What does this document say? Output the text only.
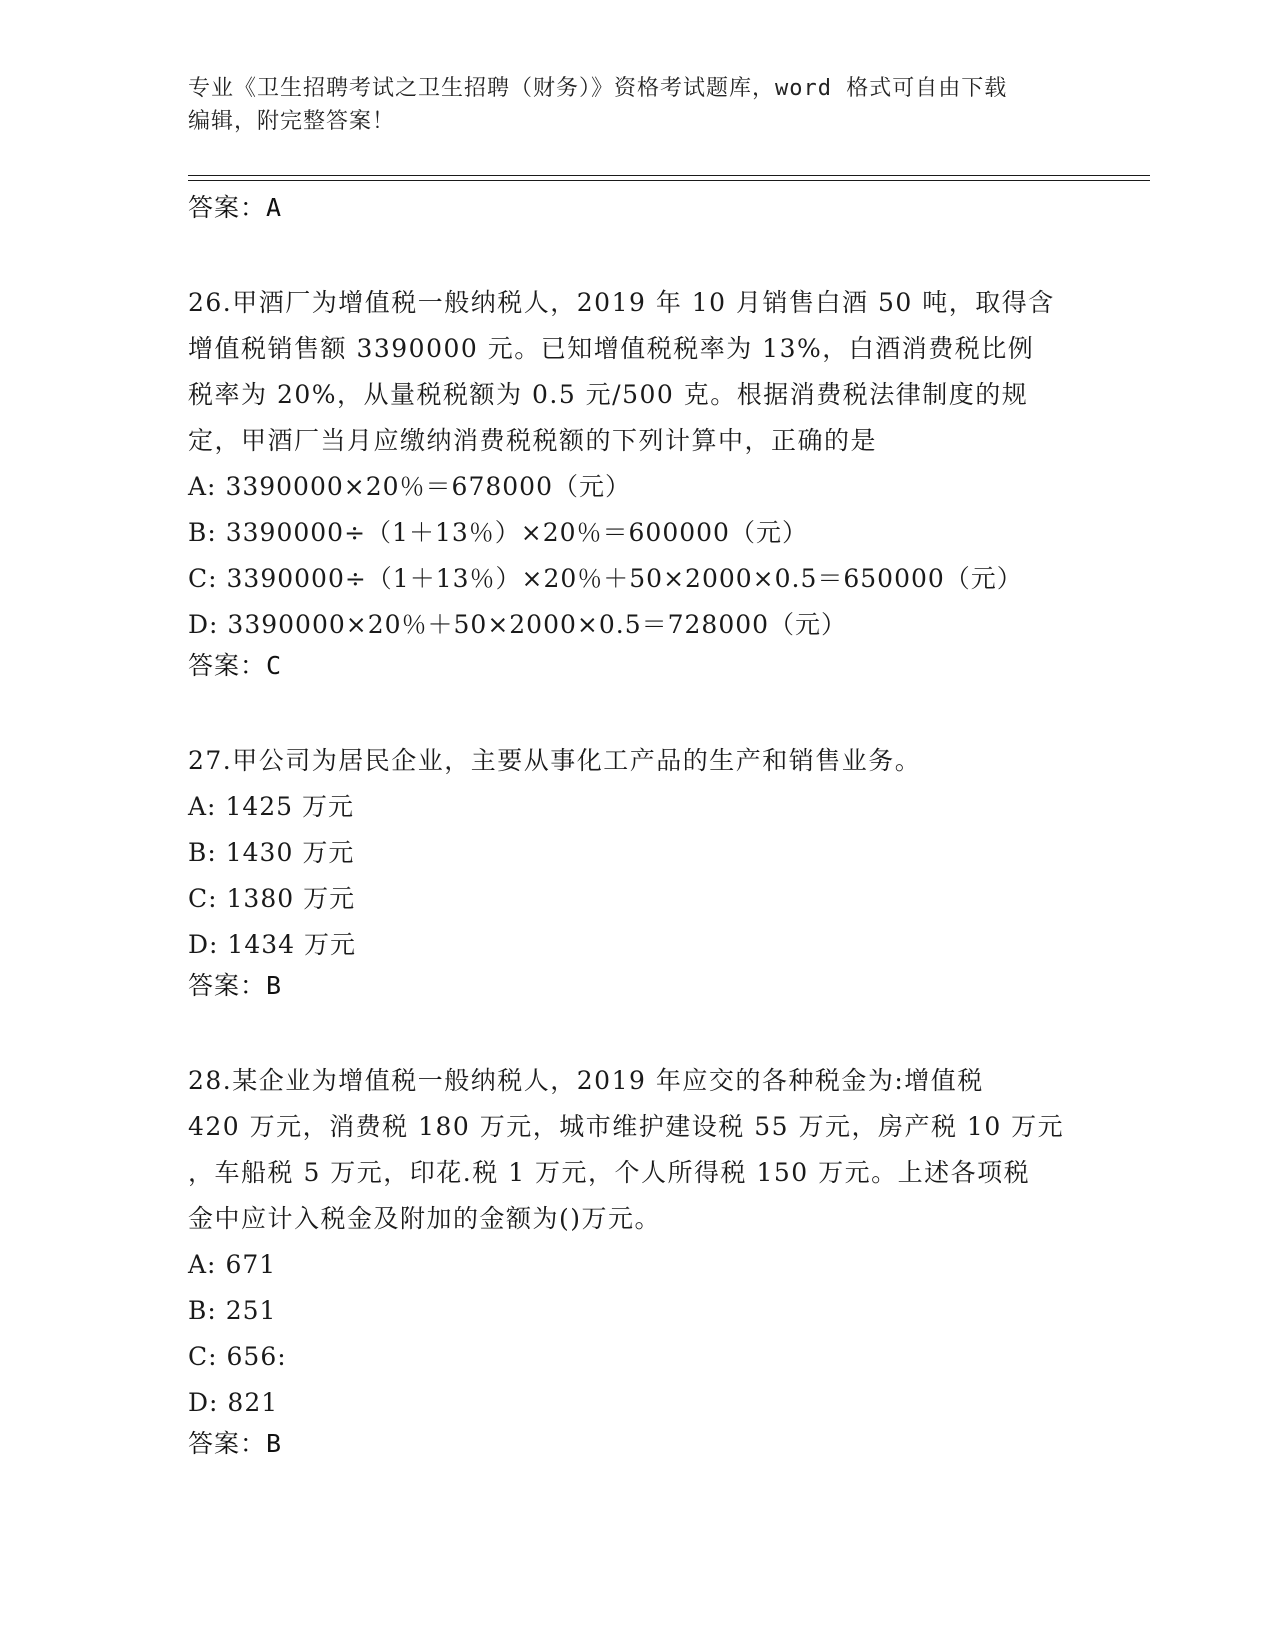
专业《卫生招聘考试之卫生招聘（财务）》资格考试题库，word 格式可自由下载
编辑，附完整答案！
答案：A
26.甲酒厂为增值税一般纳税人，2019 年 10 月销售白酒 50 吨，取得含
增值税销售额 3390000 元。已知增值税税率为 13%，白酒消费税比例
税率为 20%，从量税税额为 0.5 元/500 克。根据消费税法律制度的规
定，甲酒厂当月应缴纳消费税税额的下列计算中，正确的是
A: 3390000×20％＝678000（元）
B: 3390000÷（1＋13％）×20％＝600000（元）
C: 3390000÷（1＋13％）×20％＋50×2000×0.5＝650000（元）
D: 3390000×20％＋50×2000×0.5＝728000（元）
答案：C
27.甲公司为居民企业，主要从事化工产品的生产和销售业务。
A: 1425 万元
B: 1430 万元
C: 1380 万元
D: 1434 万元
答案：B
28.某企业为增值税一般纳税人，2019 年应交的各种税金为:增值税
420 万元，消费税 180 万元，城市维护建设税 55 万元，房产税 10 万元
，车船税 5 万元，印花.税 1 万元，个人所得税 150 万元。上述各项税
金中应计入税金及附加的金额为()万元。
A: 671
B: 251
C: 656:
D: 821
答案：B
